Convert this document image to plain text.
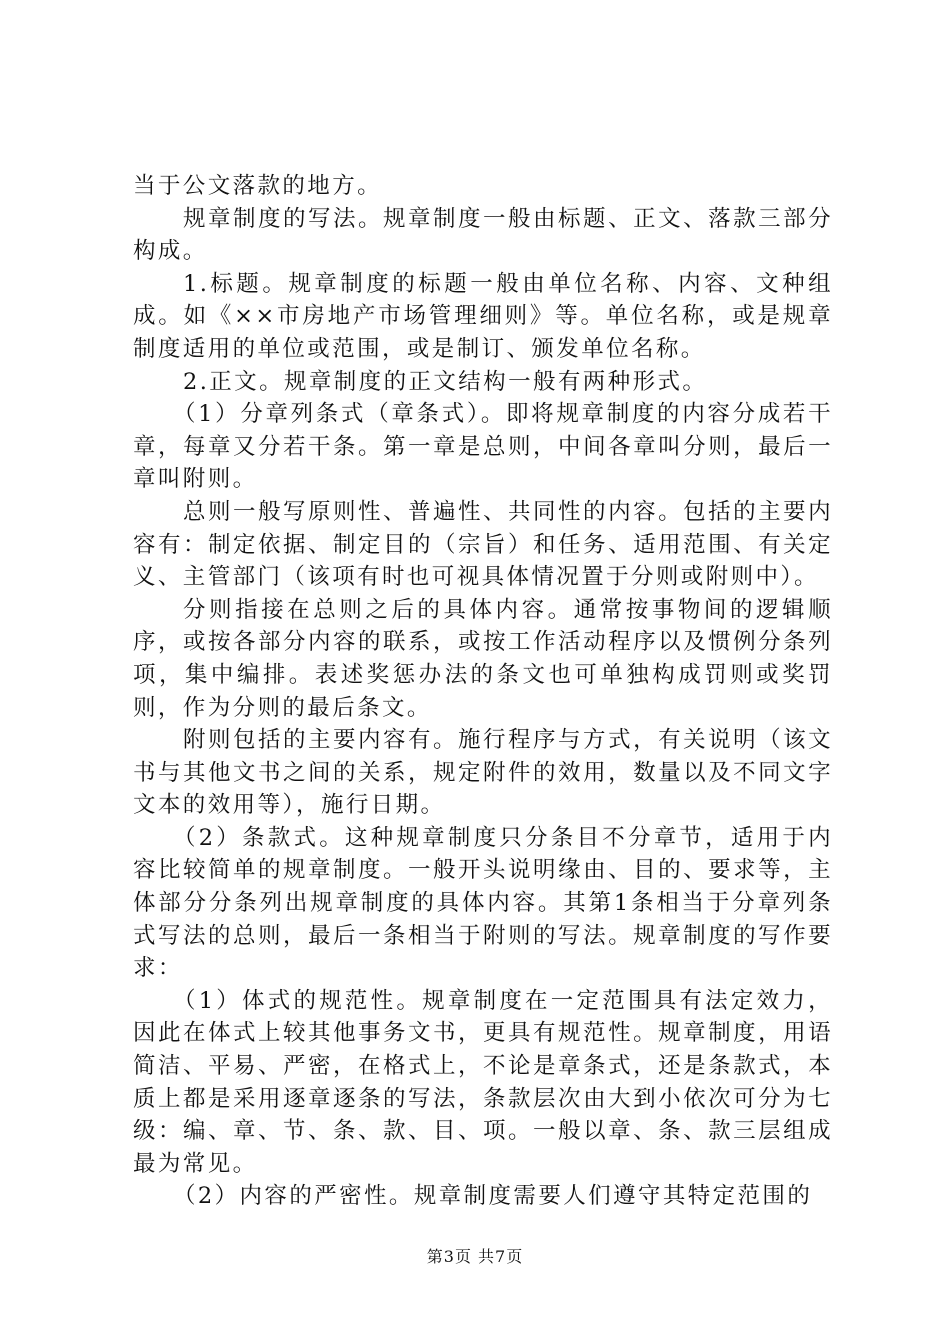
当于公文落款的地方。

规章制度的写法。规章制度一般由标题、正文、落款三部分构成。

1.标题。规章制度的标题一般由单位名称、内容、文种组成。如《××市房地产市场管理细则》等。单位名称，或是规章制度适用的单位或范围，或是制订、颁发单位名称。

2.正文。规章制度的正文结构一般有两种形式。

（1）分章列条式（章条式）。即将规章制度的内容分成若干章，每章又分若干条。第一章是总则，中间各章叫分则，最后一章叫附则。

总则一般写原则性、普遍性、共同性的内容。包括的主要内容有：制定依据、制定目的（宗旨）和任务、适用范围、有关定义、主管部门（该项有时也可视具体情况置于分则或附则中）。

分则指接在总则之后的具体内容。通常按事物间的逻辑顺序，或按各部分内容的联系，或按工作活动程序以及惯例分条列项，集中编排。表述奖惩办法的条文也可单独构成罚则或奖罚则，作为分则的最后条文。

附则包括的主要内容有。施行程序与方式，有关说明（该文书与其他文书之间的关系，规定附件的效用，数量以及不同文字文本的效用等），施行日期。

（2）条款式。这种规章制度只分条目不分章节，适用于内容比较简单的规章制度。一般开头说明缘由、目的、要求等，主体部分分条列出规章制度的具体内容。其第1条相当于分章列条式写法的总则，最后一条相当于附则的写法。规章制度的写作要求：

（1）体式的规范性。规章制度在一定范围具有法定效力，因此在体式上较其他事务文书，更具有规范性。规章制度，用语简洁、平易、严密，在格式上，不论是章条式，还是条款式，本质上都是采用逐章逐条的写法，条款层次由大到小依次可分为七级：编、章、节、条、款、目、项。一般以章、条、款三层组成最为常见。

（2）内容的严密性。规章制度需要人们遵守其特定范围的

第3页 共7页
